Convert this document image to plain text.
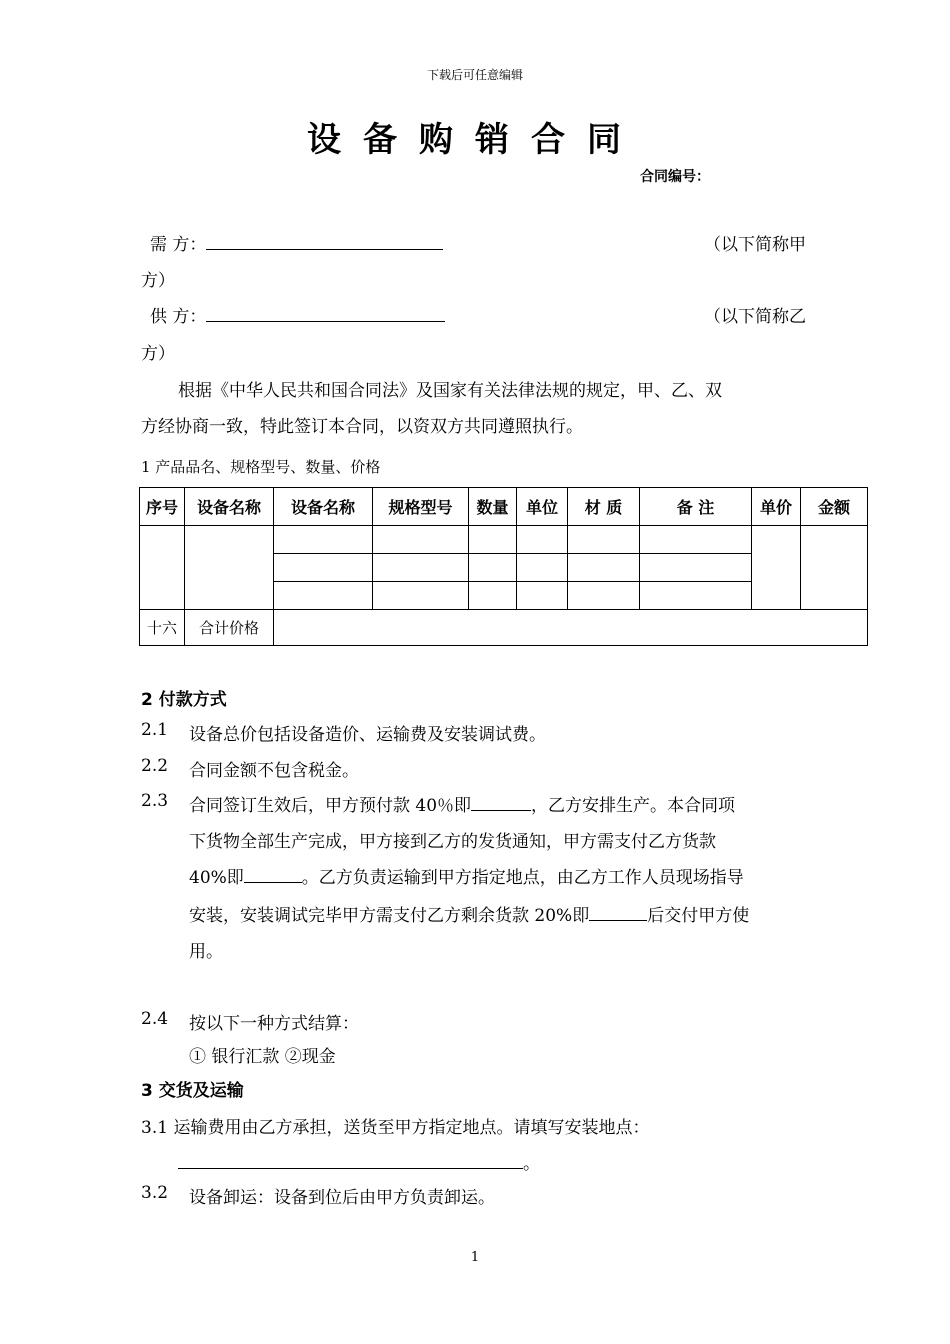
下载后可任意编辑
设备购销合同
合同编号：
需 方：	（以下简称甲
方）
供 方：	（以下简称乙
方）
根据《中华人民共和国合同法》及国家有关法律法规的规定，甲、乙、双
方经协商一致，特此签订本合同，以资双方共同遵照执行。
1 产品品名、规格型号、数量、价格
序号	设备名称	设备名称	规格型号	数量	单位	材 质	备 注	单价	金额

十六	合计价格								
2 付款方式
2.1 设备总价包括设备造价、运输费及安装调试费。
2.2 合同金额不包含税金。
2.3 合同签订生效后，甲方预付款 40％即	，乙方安排生产。本合同项
下货物全部生产完成，甲方接到乙方的发货通知，甲方需支付乙方货款
40%即	。乙方负责运输到甲方指定地点，由乙方工作人员现场指导
安装，安装调试完毕甲方需支付乙方剩余货款 20%即	后交付甲方使
用。
2.4 按以下一种方式结算：
① 银行汇款 ②现金
3 交货及运输
3.1 运输费用由乙方承担，送货至甲方指定地点。请填写安装地点：
。
3.2 设备卸运：设备到位后由甲方负责卸运。
1
